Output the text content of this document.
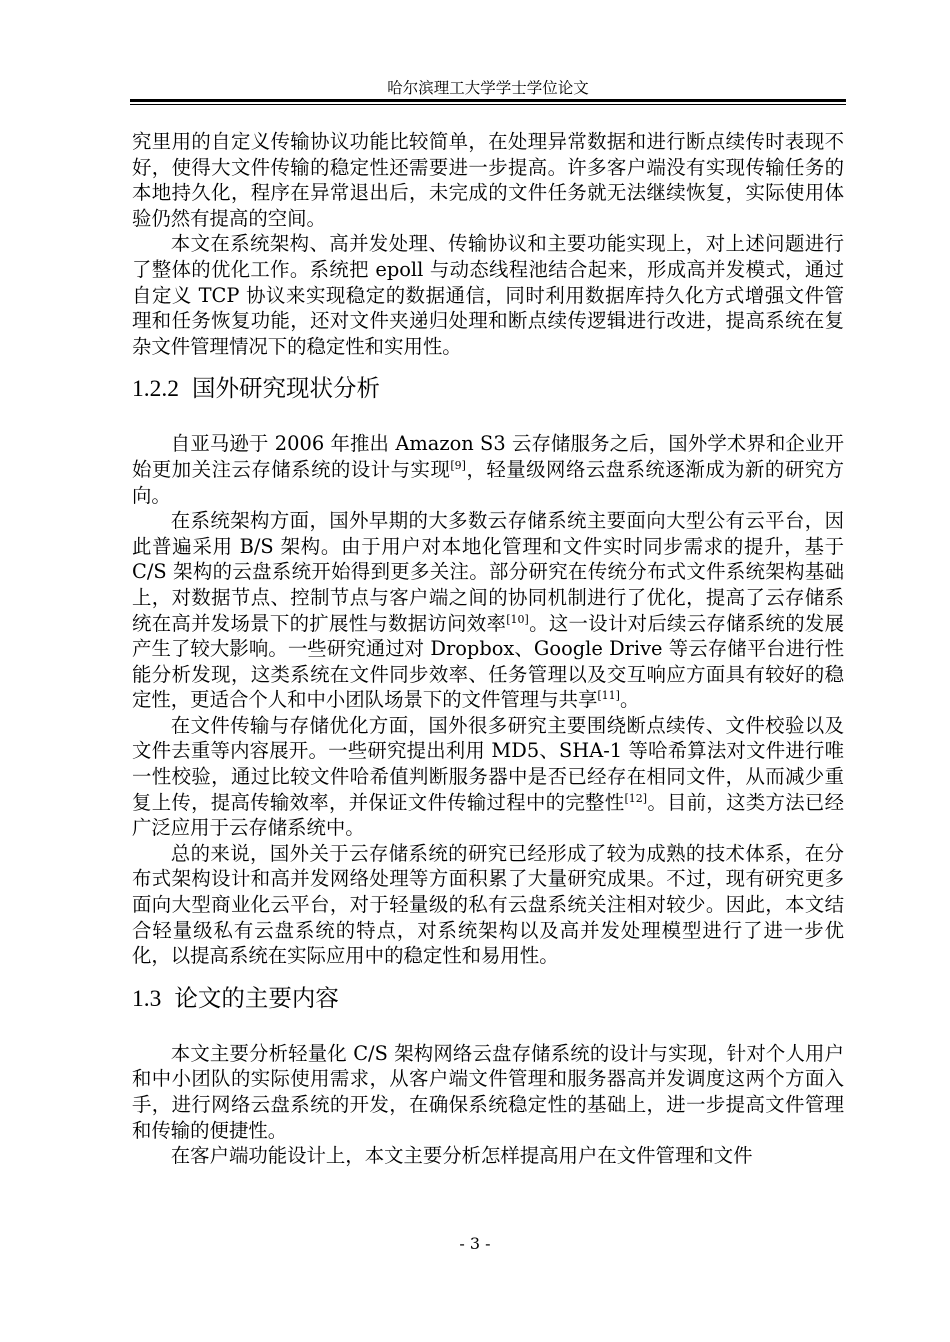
哈尔滨理工大学学士学位论文

究里用的自定义传输协议功能比较简单，在处理异常数据和进行断点续传时表现不好，使得大文件传输的稳定性还需要进一步提高。许多客户端没有实现传输任务的本地持久化，程序在异常退出后，未完成的文件任务就无法继续恢复，实际使用体验仍然有提高的空间。

本文在系统架构、高并发处理、传输协议和主要功能实现上，对上述问题进行了整体的优化工作。系统把 epoll 与动态线程池结合起来，形成高并发模式，通过自定义 TCP 协议来实现稳定的数据通信，同时利用数据库持久化方式增强文件管理和任务恢复功能，还对文件夹递归处理和断点续传逻辑进行改进，提高系统在复杂文件管理情况下的稳定性和实用性。

1.2.2 国外研究现状分析

自亚马逊于 2006 年推出 Amazon S3 云存储服务之后，国外学术界和企业开始更加关注云存储系统的设计与实现[9]，轻量级网络云盘系统逐渐成为新的研究方向。

在系统架构方面，国外早期的大多数云存储系统主要面向大型公有云平台，因此普遍采用 B/S 架构。由于用户对本地化管理和文件实时同步需求的提升，基于 C/S 架构的云盘系统开始得到更多关注。部分研究在传统分布式文件系统架构基础上，对数据节点、控制节点与客户端之间的协同机制进行了优化，提高了云存储系统在高并发场景下的扩展性与数据访问效率[10]。这一设计对后续云存储系统的发展产生了较大影响。一些研究通过对 Dropbox、Google Drive 等云存储平台进行性能分析发现，这类系统在文件同步效率、任务管理以及交互响应方面具有较好的稳定性，更适合个人和中小团队场景下的文件管理与共享[11]。

在文件传输与存储优化方面，国外很多研究主要围绕断点续传、文件校验以及文件去重等内容展开。一些研究提出利用 MD5、SHA-1 等哈希算法对文件进行唯一性校验，通过比较文件哈希值判断服务器中是否已经存在相同文件，从而减少重复上传，提高传输效率，并保证文件传输过程中的完整性[12]。目前，这类方法已经广泛应用于云存储系统中。

总的来说，国外关于云存储系统的研究已经形成了较为成熟的技术体系，在分布式架构设计和高并发网络处理等方面积累了大量研究成果。不过，现有研究更多面向大型商业化云平台，对于轻量级的私有云盘系统关注相对较少。因此，本文结合轻量级私有云盘系统的特点，对系统架构以及高并发处理模型进行了进一步优化，以提高系统在实际应用中的稳定性和易用性。

1.3 论文的主要内容

本文主要分析轻量化 C/S 架构网络云盘存储系统的设计与实现，针对个人用户和中小团队的实际使用需求，从客户端文件管理和服务器高并发调度这两个方面入手，进行网络云盘系统的开发，在确保系统稳定性的基础上，进一步提高文件管理和传输的便捷性。

在客户端功能设计上，本文主要分析怎样提高用户在文件管理和文件

- 3 -
